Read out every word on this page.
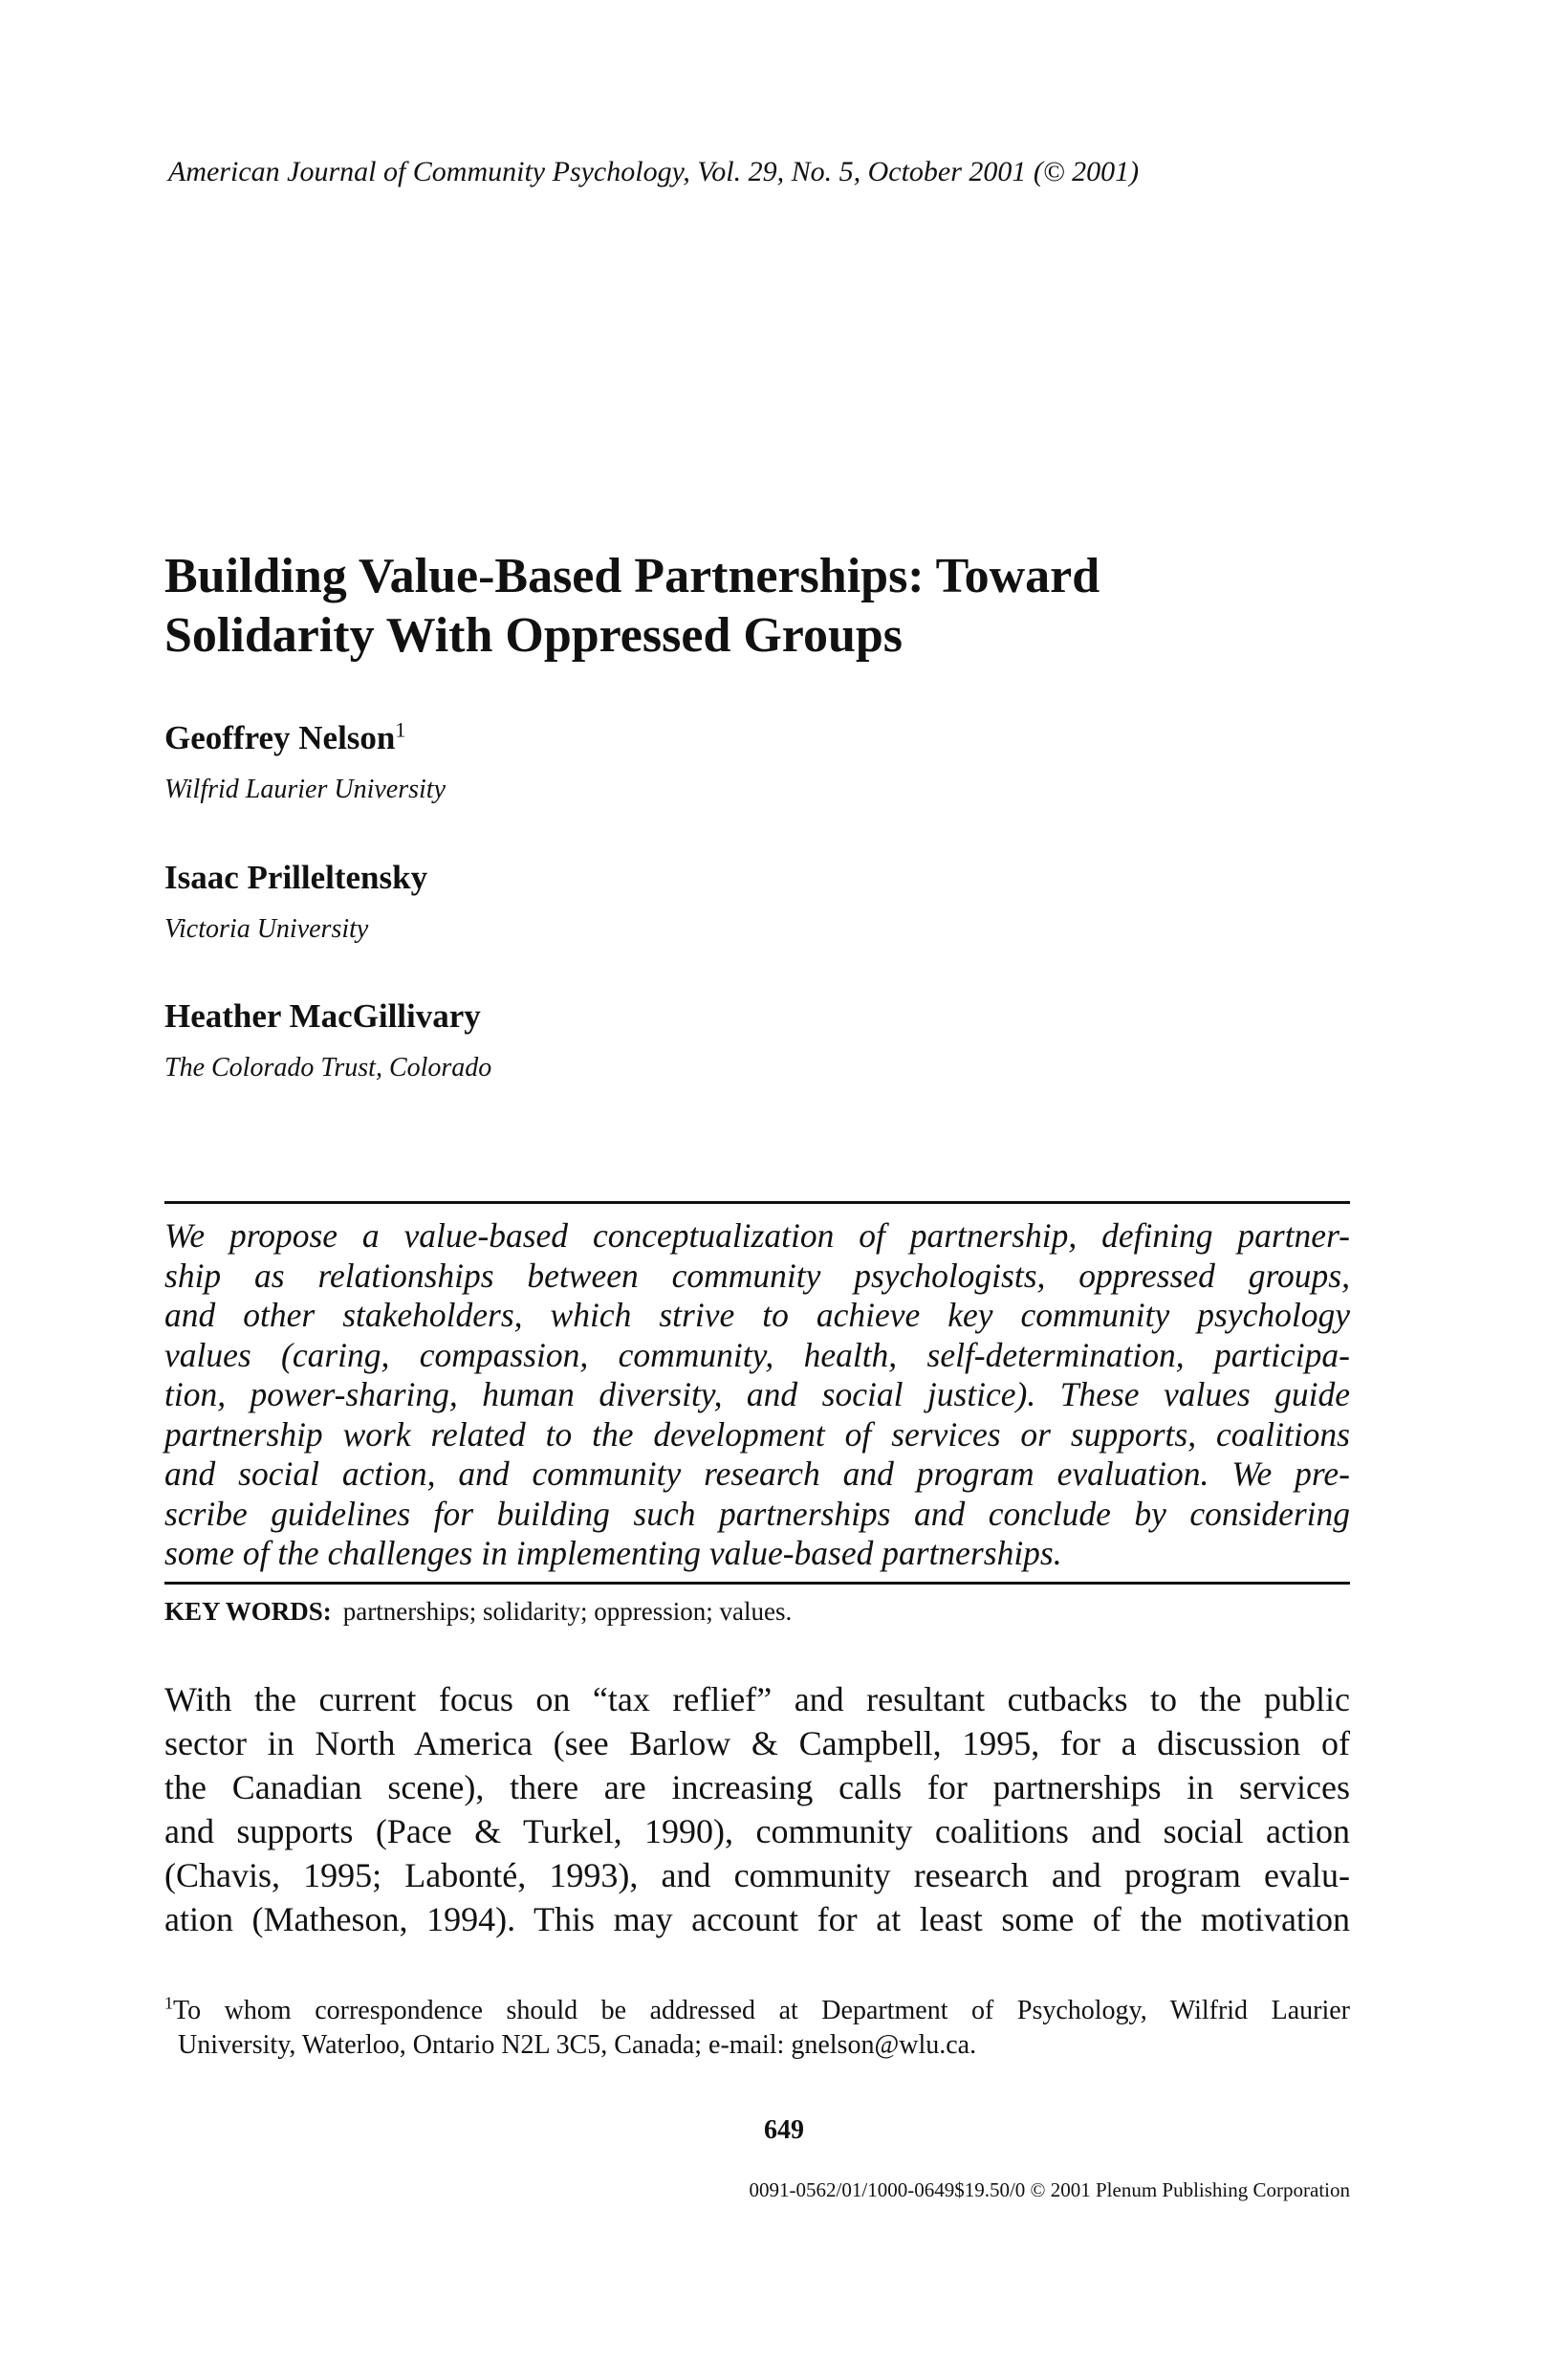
American Journal of Community Psychology, Vol. 29, No. 5, October 2001 (© 2001)
Building Value-Based Partnerships: Toward
Solidarity With Oppressed Groups
Geoffrey Nelson$^1$
Wilfrid Laurier University
Isaac Prilleltensky
Victoria University
Heather MacGillivary
The Colorado Trust, Colorado
We propose a value-based conceptualization of partnership, defining partner-
ship as relationships between community psychologists, oppressed groups,
and other stakeholders, which strive to achieve key community psychology
values (caring, compassion, community, health, self-determination, participa-
tion, power-sharing, human diversity, and social justice). These values guide
partnership work related to the development of services or supports, coalitions
and social action, and community research and program evaluation. We pre-
scribe guidelines for building such partnerships and conclude by considering
some of the challenges in implementing value-based partnerships.
KEY WORDS: partnerships; solidarity; oppression; values.
With the current focus on “tax reflief” and resultant cutbacks to the public
sector in North America (see Barlow & Campbell, 1995, for a discussion of
the Canadian scene), there are increasing calls for partnerships in services
and supports (Pace & Turkel, 1990), community coalitions and social action
(Chavis, 1995; Labonté, 1993), and community research and program evalu-
ation (Matheson, 1994). This may account for at least some of the motivation
$^1$To whom correspondence should be addressed at Department of Psychology, Wilfrid Laurier
University, Waterloo, Ontario N2L 3C5, Canada; e-mail: gnelson@wlu.ca.
649
0091-0562/01/1000-0649$19.50/0 © 2001 Plenum Publishing Corporation
